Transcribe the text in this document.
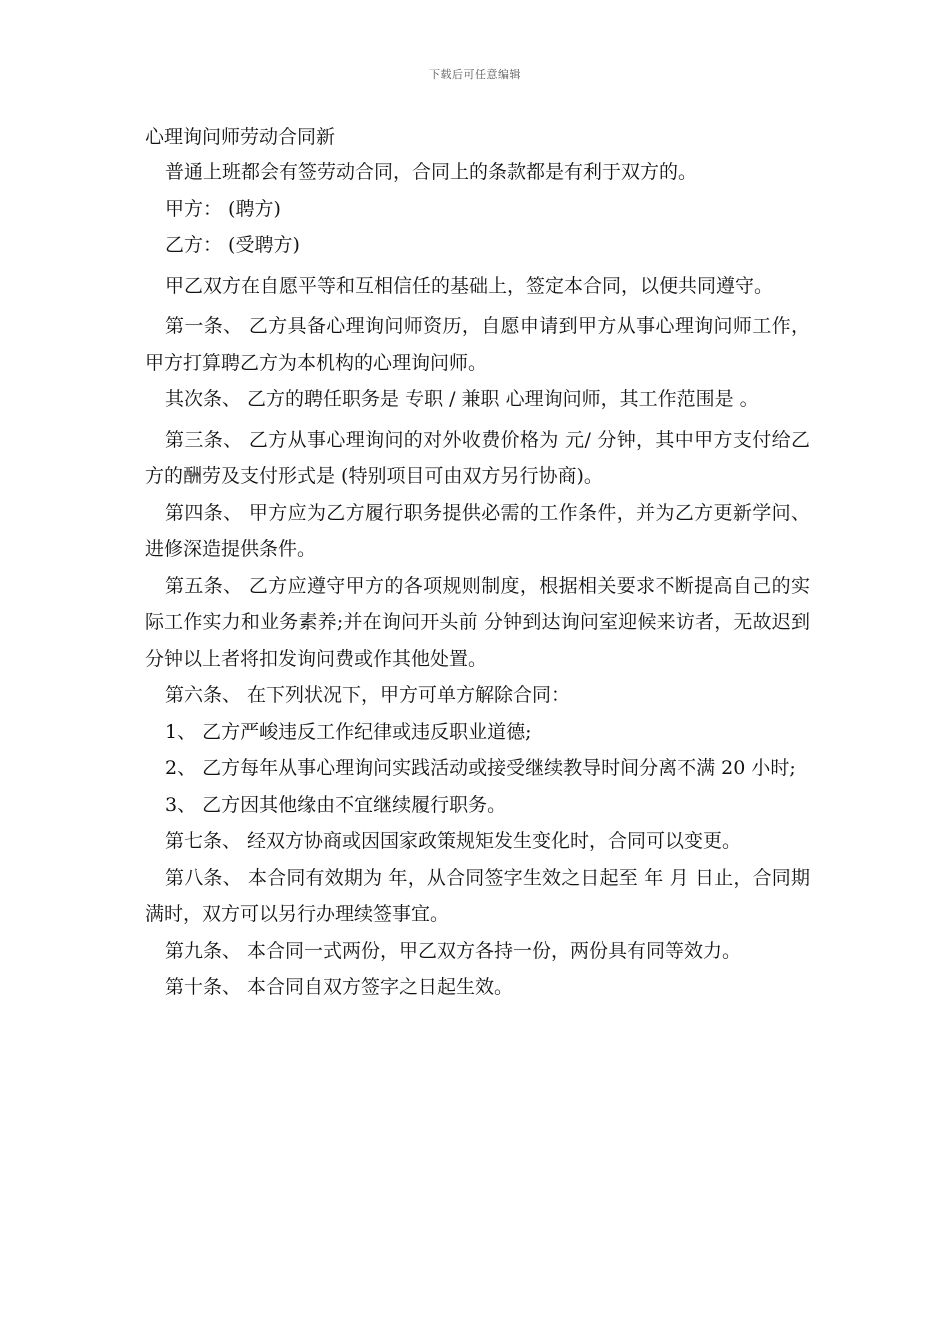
下载后可任意编辑
心理询问师劳动合同新

普通上班都会有签劳动合同，合同上的条款都是有利于双方的。

甲方： (聘方)

乙方： (受聘方)

甲乙双方在自愿平等和互相信任的基础上，签定本合同，以便共同遵守。

第一条、 乙方具备心理询问师资历，自愿申请到甲方从事心理询问师工作，甲方打算聘乙方为本机构的心理询问师。

其次条、 乙方的聘任职务是 专职 / 兼职 心理询问师，其工作范围是 。

第三条、 乙方从事心理询问的对外收费价格为 元/ 分钟，其中甲方支付给乙方的酬劳及支付形式是 (特别项目可由双方另行协商)。

第四条、 甲方应为乙方履行职务提供必需的工作条件，并为乙方更新学问、进修深造提供条件。

第五条、 乙方应遵守甲方的各项规则制度，根据相关要求不断提高自己的实际工作实力和业务素养;并在询问开头前 分钟到达询问室迎候来访者，无故迟到 分钟以上者将扣发询问费或作其他处置。

第六条、 在下列状况下，甲方可单方解除合同：

1、 乙方严峻违反工作纪律或违反职业道德;

2、 乙方每年从事心理询问实践活动或接受继续教导时间分离不满 20 小时;

3、 乙方因其他缘由不宜继续履行职务。

第七条、 经双方协商或因国家政策规矩发生变化时，合同可以变更。

第八条、 本合同有效期为 年，从合同签字生效之日起至 年 月 日止，合同期满时，双方可以另行办理续签事宜。

第九条、 本合同一式两份，甲乙双方各持一份，两份具有同等效力。

第十条、 本合同自双方签字之日起生效。
